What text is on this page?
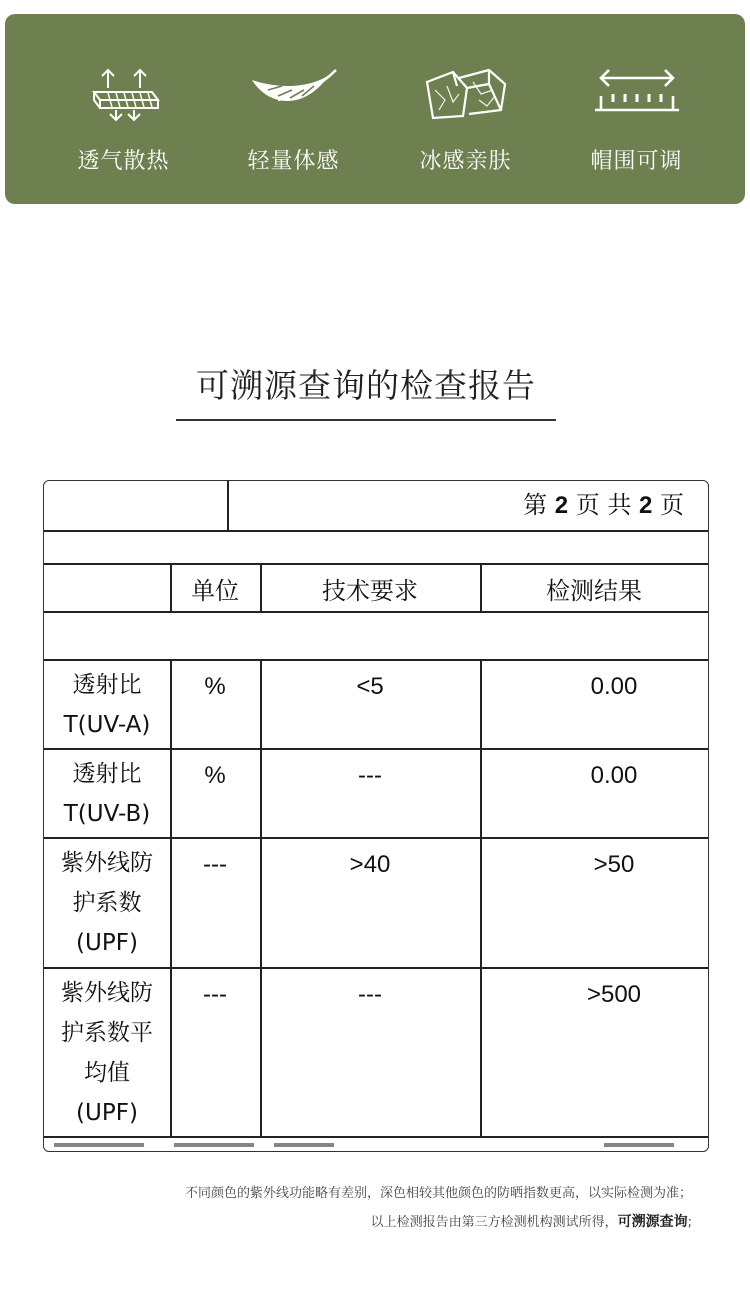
透气散热	轻量体感	冰感亲肤	帽围可调
可溯源查询的检查报告
第 2 页 共 2 页
单位	技术要求	检测结果
透射比
T(UV-A)
%	<5	0.00
透射比
T(UV-B)
%	---	0.00
紫外线防
护系数
(UPF)
---	>40	>50
紫外线防
护系数平
均值
(UPF)
---	---	>500
不同颜色的紫外线功能略有差别，深色相较其他颜色的防晒指数更高，以实际检测为准；
以上检测报告由第三方检测机构测试所得，可溯源查询;
